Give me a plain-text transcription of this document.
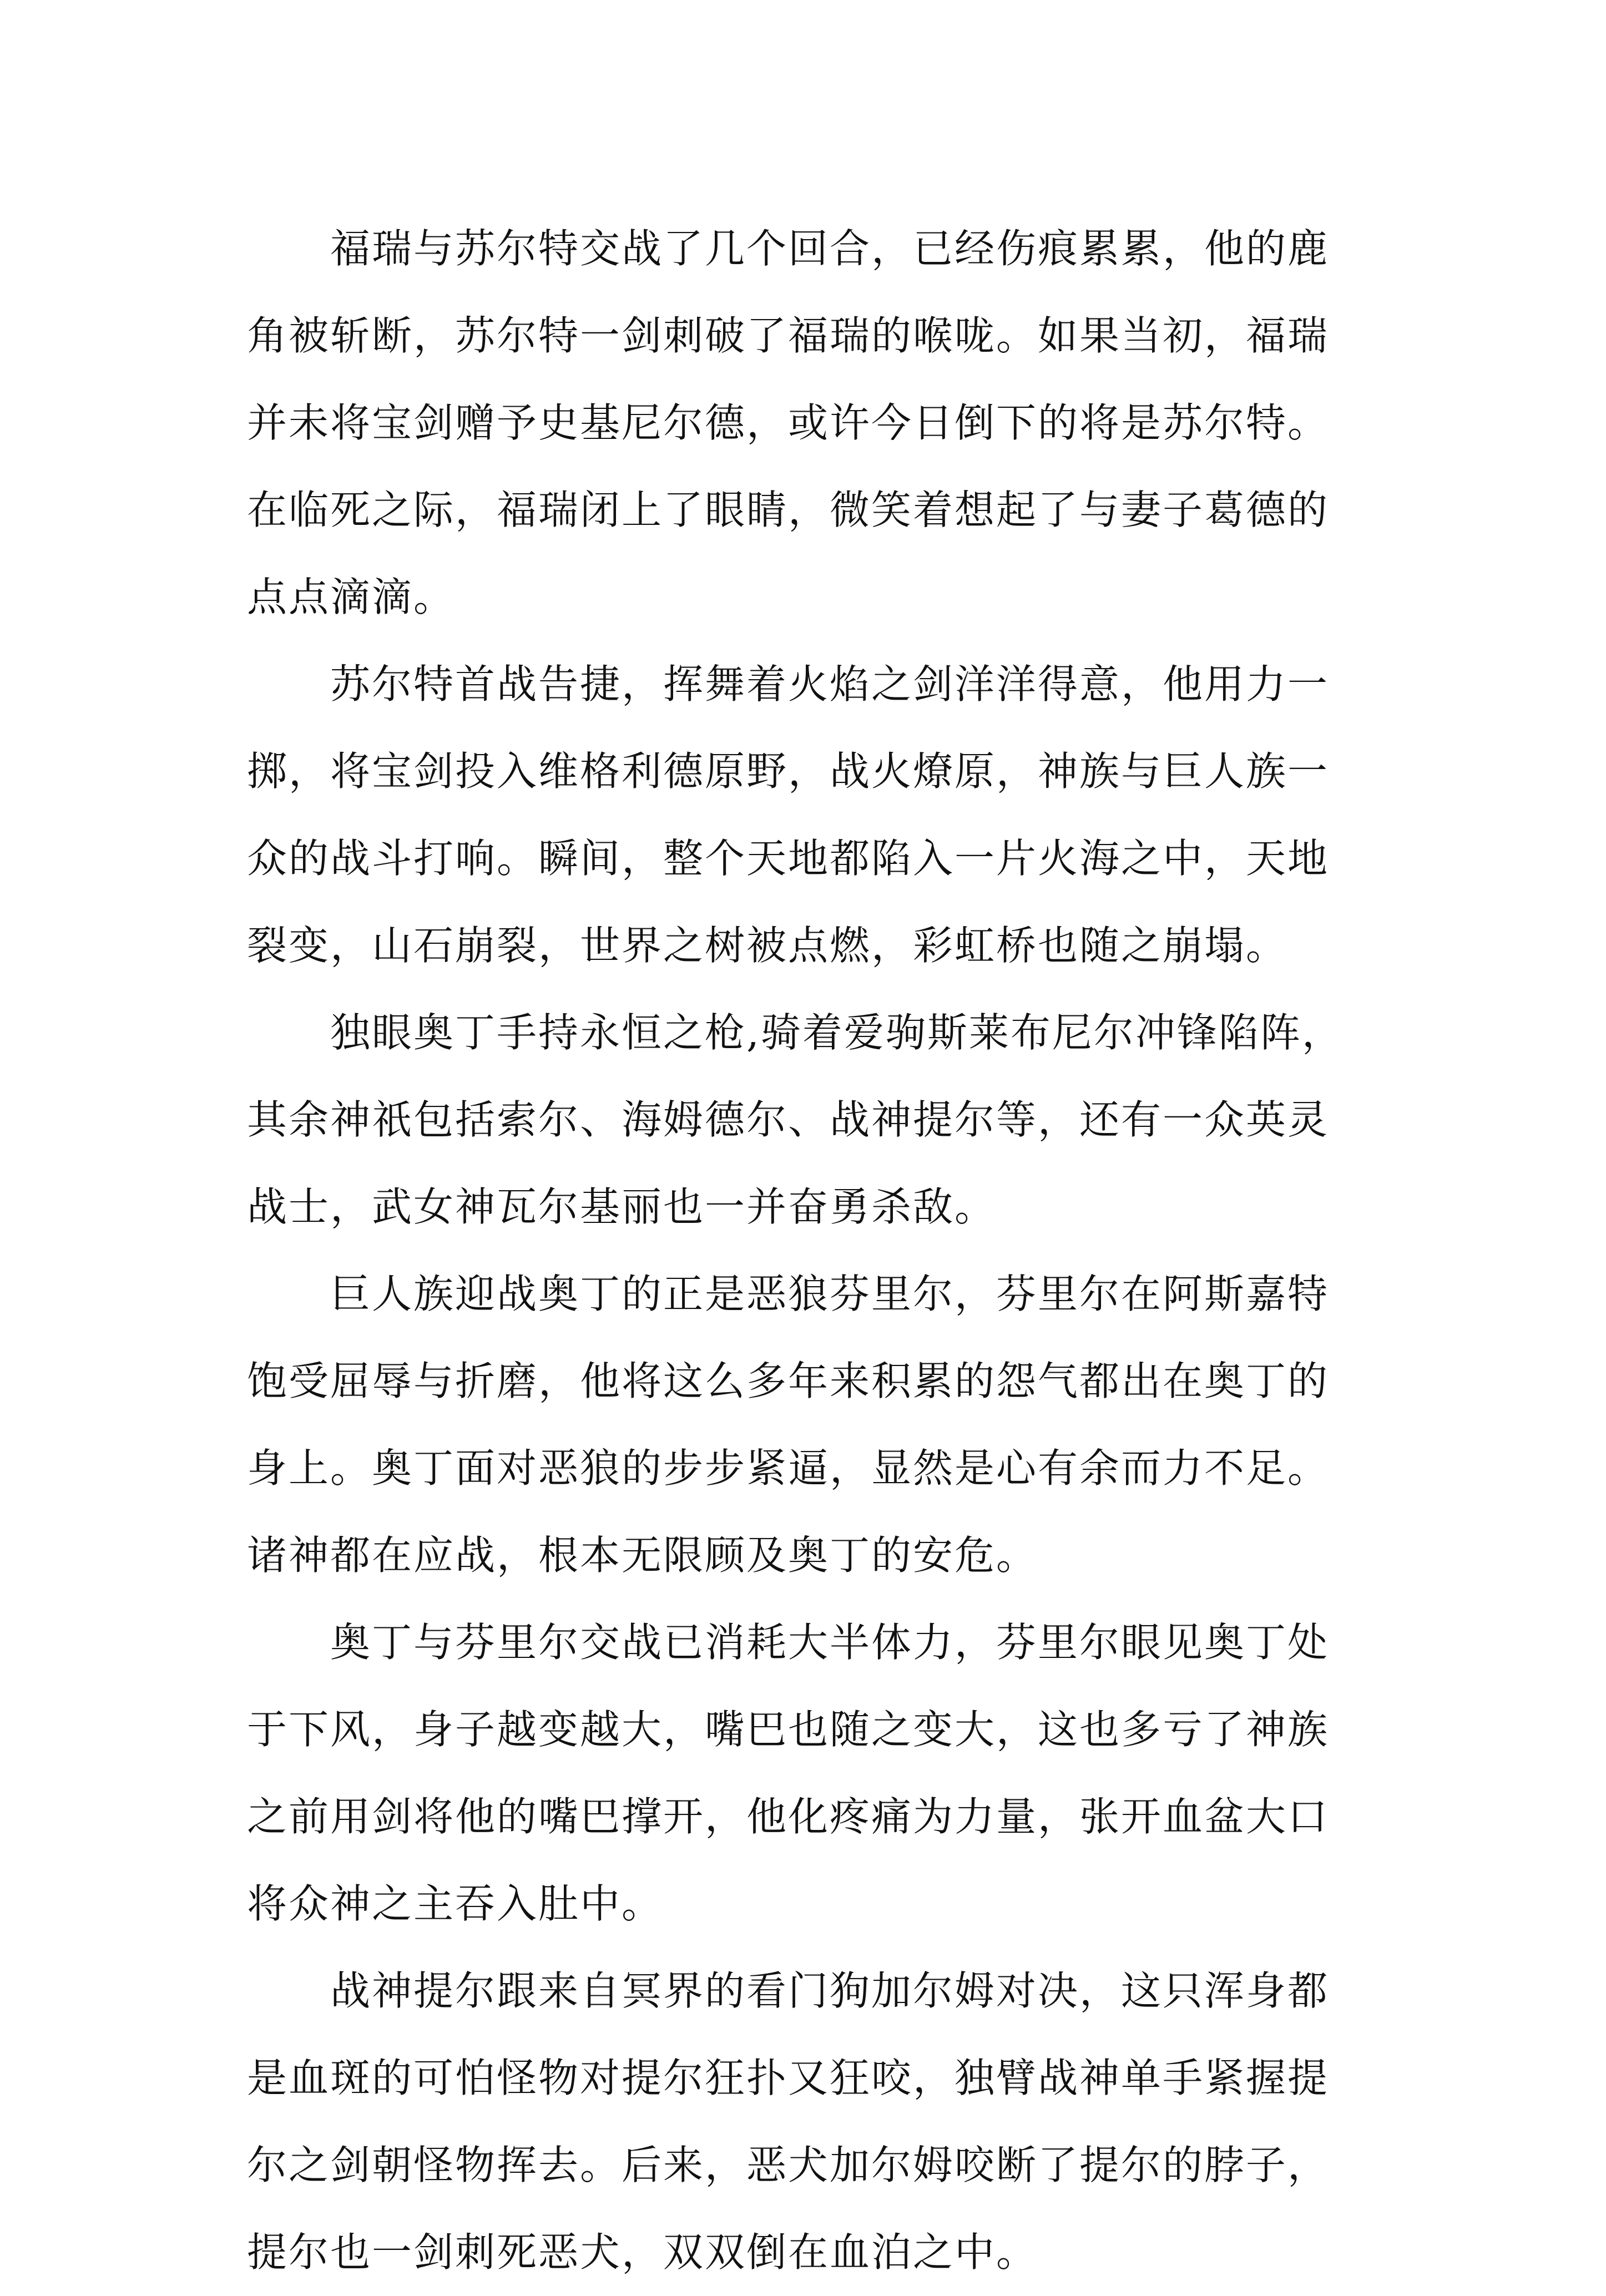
福瑞与苏尔特交战了几个回合，已经伤痕累累，他的鹿
角被斩断，苏尔特一剑刺破了福瑞的喉咙。如果当初，福瑞
并未将宝剑赠予史基尼尔德，或许今日倒下的将是苏尔特。
在临死之际，福瑞闭上了眼睛，微笑着想起了与妻子葛德的
点点滴滴。

苏尔特首战告捷，挥舞着火焰之剑洋洋得意，他用力一
掷，将宝剑投入维格利德原野，战火燎原，神族与巨人族一
众的战斗打响。瞬间，整个天地都陷入一片火海之中，天地
裂变，山石崩裂，世界之树被点燃，彩虹桥也随之崩塌。

独眼奥丁手持永恒之枪,骑着爱驹斯莱布尼尔冲锋陷阵，
其余神祇包括索尔、海姆德尔、战神提尔等，还有一众英灵
战士，武女神瓦尔基丽也一并奋勇杀敌。

巨人族迎战奥丁的正是恶狼芬里尔，芬里尔在阿斯嘉特
饱受屈辱与折磨，他将这么多年来积累的怨气都出在奥丁的
身上。奥丁面对恶狼的步步紧逼，显然是心有余而力不足。
诸神都在应战，根本无限顾及奥丁的安危。

奥丁与芬里尔交战已消耗大半体力，芬里尔眼见奥丁处
于下风，身子越变越大，嘴巴也随之变大，这也多亏了神族
之前用剑将他的嘴巴撑开，他化疼痛为力量，张开血盆大口
将众神之主吞入肚中。

战神提尔跟来自冥界的看门狗加尔姆对决，这只浑身都
是血斑的可怕怪物对提尔狂扑又狂咬，独臂战神单手紧握提
尔之剑朝怪物挥去。后来，恶犬加尔姆咬断了提尔的脖子，
提尔也一剑刺死恶犬，双双倒在血泊之中。
